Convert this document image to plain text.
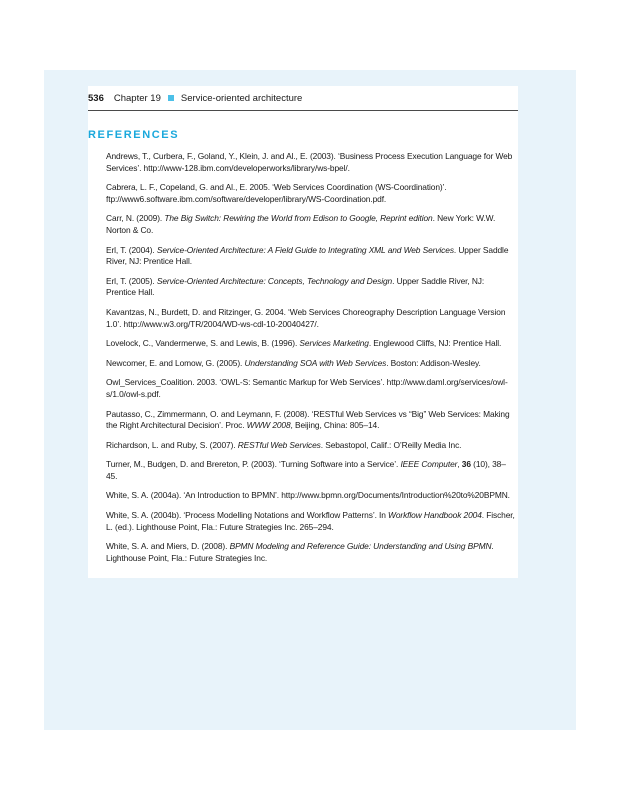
536 Chapter 19 Service-oriented architecture
REFERENCES
Andrews, T., Curbera, F., Goland, Y., Klein, J. and Al., E. (2003). ‘Business Process Execution Language for Web Services’. http://www-128.ibm.com/developerworks/library/ws-bpel/.
Cabrera, L. F., Copeland, G. and Al., E. 2005. ‘Web Services Coordination (WS-Coordination)’. ftp://www6.software.ibm.com/software/developer/library/WS-Coordination.pdf.
Carr, N. (2009). The Big Switch: Rewiring the World from Edison to Google, Reprint edition. New York: W.W. Norton & Co.
Erl, T. (2004). Service-Oriented Architecture: A Field Guide to Integrating XML and Web Services. Upper Saddle River, NJ: Prentice Hall.
Erl, T. (2005). Service-Oriented Architecture: Concepts, Technology and Design. Upper Saddle River, NJ: Prentice Hall.
Kavantzas, N., Burdett, D. and Ritzinger, G. 2004. ‘Web Services Choreography Description Language Version 1.0’. http://www.w3.org/TR/2004/WD-ws-cdl-10-20040427/.
Lovelock, C., Vandermerwe, S. and Lewis, B. (1996). Services Marketing. Englewood Cliffs, NJ: Prentice Hall.
Newcomer, E. and Lomow, G. (2005). Understanding SOA with Web Services. Boston: Addison-Wesley.
Owl_Services_Coalition. 2003. ‘OWL-S: Semantic Markup for Web Services’. http://www.daml.org/services/owl-s/1.0/owl-s.pdf.
Pautasso, C., Zimmermann, O. and Leymann, F. (2008). ‘RESTful Web Services vs “Big” Web Services: Making the Right Architectural Decision’. Proc. WWW 2008, Beijing, China: 805–14.
Richardson, L. and Ruby, S. (2007). RESTful Web Services. Sebastopol, Calif.: O’Reilly Media Inc.
Turner, M., Budgen, D. and Brereton, P. (2003). ‘Turning Software into a Service’. IEEE Computer, 36 (10), 38–45.
White, S. A. (2004a). ‘An Introduction to BPMN’. http://www.bpmn.org/Documents/Introduction%20to%20BPMN.
White, S. A. (2004b). ‘Process Modelling Notations and Workflow Patterns’. In Workflow Handbook 2004. Fischer, L. (ed.). Lighthouse Point, Fla.: Future Strategies Inc. 265–294.
White, S. A. and Miers, D. (2008). BPMN Modeling and Reference Guide: Understanding and Using BPMN. Lighthouse Point, Fla.: Future Strategies Inc.
